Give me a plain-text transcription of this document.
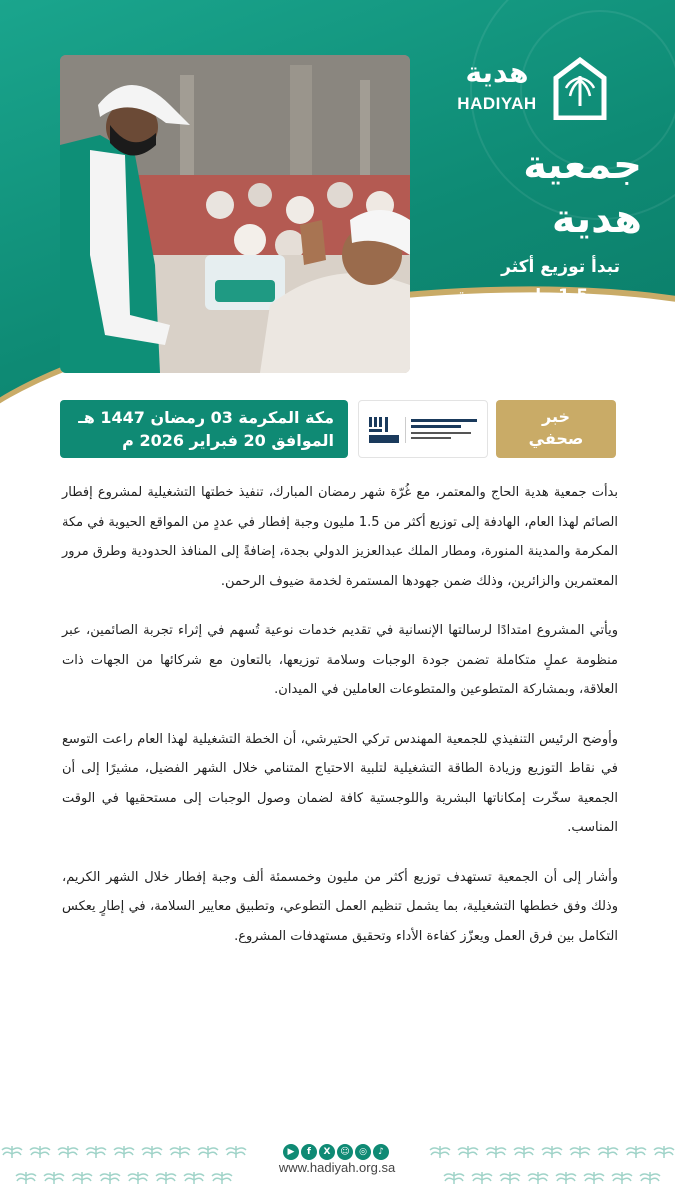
هدية
HADIYAH
جمعية
هدية
تبدأ توزيع أكثر
من 1.5 مليون وجبة
إفطار صائم خلال
شهر رمضان
مكة المكرمة 03 رمضان 1447 هـ
الموافق 20 فبراير 2026 م
خبر
صحفي

بدأت جمعية هدية الحاج والمعتمر، مع غُرّة شهر رمضان المبارك، تنفيذ خطتها التشغيلية لمشروع إفطار الصائم لهذا العام، الهادفة إلى توزيع أكثر من 1.5 مليون وجبة إفطار في عددٍ من المواقع الحيوية في مكة المكرمة والمدينة المنورة، ومطار الملك عبدالعزيز الدولي بجدة، إضافةً إلى المنافذ الحدودية وطرق مرور المعتمرين والزائرين، وذلك ضمن جهودها المستمرة لخدمة ضيوف الرحمن.

ويأتي المشروع امتدادًا لرسالتها الإنسانية في تقديم خدمات نوعية تُسهم في إثراء تجربة الصائمين، عبر منظومة عملٍ متكاملة تضمن جودة الوجبات وسلامة توزيعها، بالتعاون مع شركائها من الجهات ذات العلاقة، وبمشاركة المتطوعين والمتطوعات العاملين في الميدان.

وأوضح الرئيس التنفيذي للجمعية المهندس تركي الحتيرشي، أن الخطة التشغيلية لهذا العام راعت التوسع في نقاط التوزيع وزيادة الطاقة التشغيلية لتلبية الاحتياج المتنامي خلال الشهر الفضيل، مشيرًا إلى أن الجمعية سخّرت إمكاناتها البشرية واللوجستية كافة لضمان وصول الوجبات إلى مستحقيها في الوقت المناسب.

وأشار إلى أن الجمعية تستهدف توزيع أكثر من مليون وخمسمئة ألف وجبة إفطار خلال الشهر الكريم، وذلك وفق خططها التشغيلية، بما يشمل تنظيم العمل التطوعي، وتطبيق معايير السلامة، في إطارٍ يعكس التكامل بين فرق العمل ويعزّز كفاءة الأداء وتحقيق مستهدفات المشروع.

▶ f X ☺ ◎ ♪
www.hadiyah.org.sa
